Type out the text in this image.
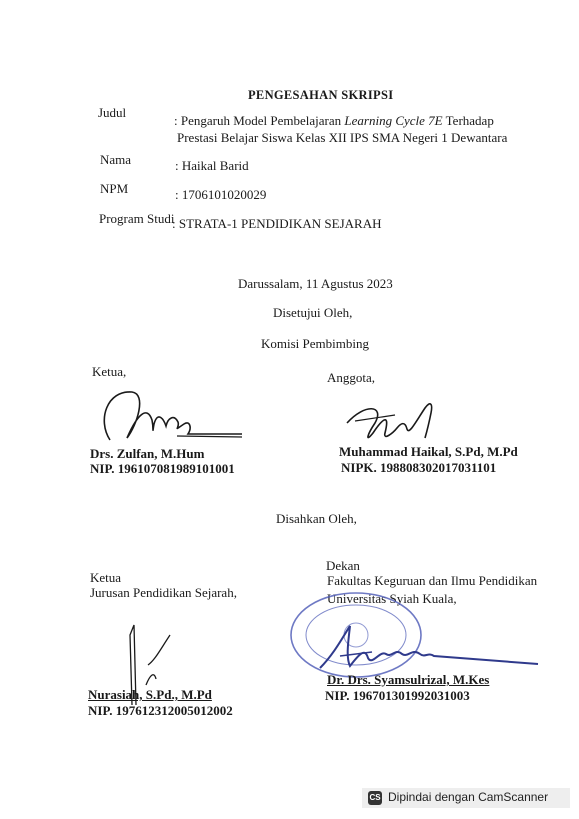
PENGESAHAN SKRIPSI
Judul
: Pengaruh Model Pembelajaran Learning Cycle 7E Terhadap
Prestasi Belajar Siswa Kelas XII IPS SMA Negeri 1 Dewantara
Nama	: Haikal Barid
NPM	: 1706101020029
Program Studi
: STRATA-1 PENDIDIKAN SEJARAH
Darussalam, 11 Agustus 2023
Disetujui Oleh,
Komisi Pembimbing
Ketua,	Anggota,
Drs. Zulfan, M.Hum
NIP. 196107081989101001
Muhammad Haikal, S.Pd, M.Pd
NIPK. 198808302017031101
Disahkan Oleh,
Dekan
Fakultas Keguruan dan Ilmu Pendidikan
Universitas Syiah Kuala,
Ketua
Jurusan Pendidikan Sejarah,
Nurasiah, S.Pd., M.Pd
NIP. 197612312005012002
Dr. Drs. Syamsulrizal, M.Kes
NIP. 196701301992031003
CS Dipindai dengan CamScanner
